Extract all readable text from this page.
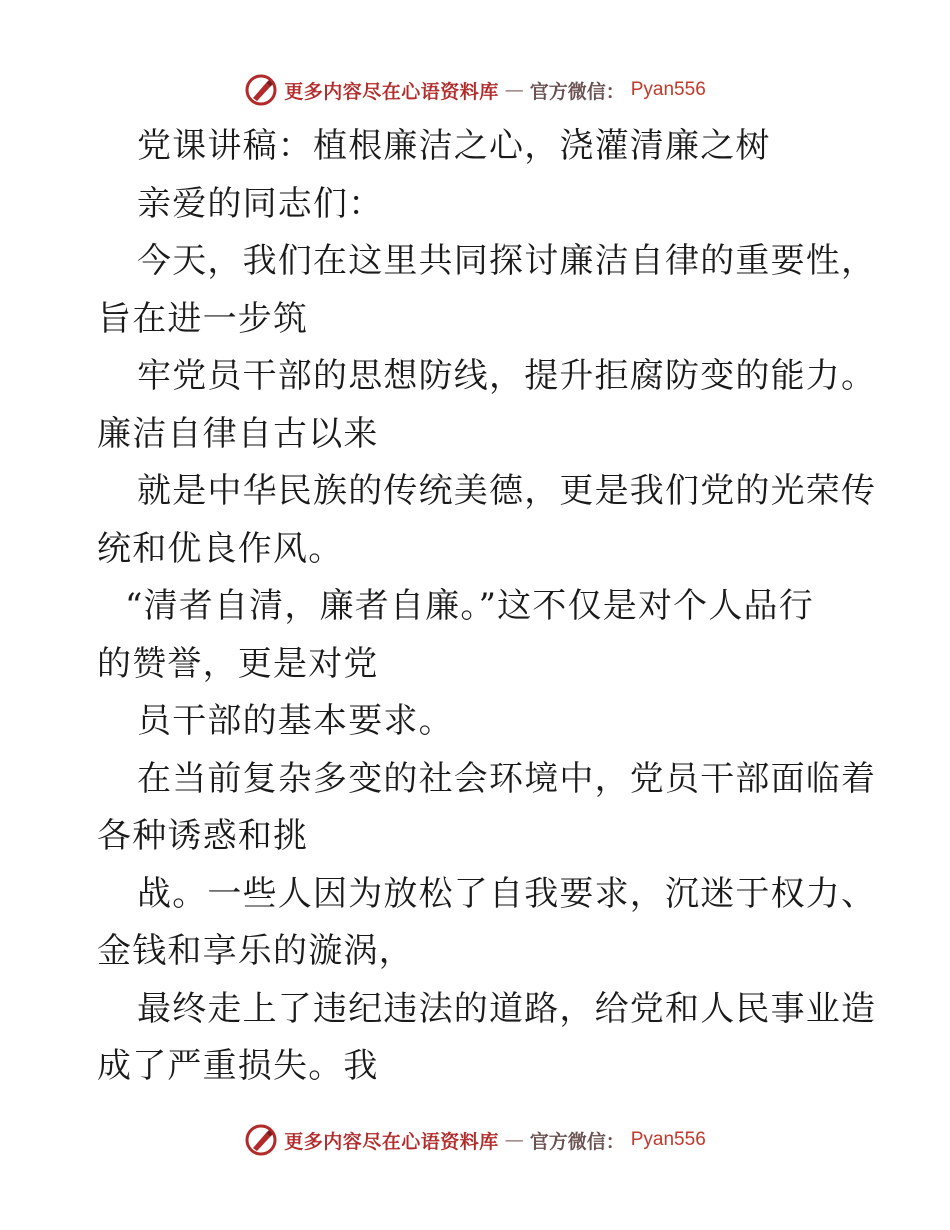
更多内容尽在心语资料库 — 官方微信： Pyan556
党课讲稿：植根廉洁之心，浇灌清廉之树
亲爱的同志们：
今天，我们在这里共同探讨廉洁自律的重要性，
旨在进一步筑
牢党员干部的思想防线，提升拒腐防变的能力。
廉洁自律自古以来
就是中华民族的传统美德，更是我们党的光荣传
统和优良作风。
“清者自清，廉者自廉。”这不仅是对个人品行
的赞誉，更是对党
员干部的基本要求。
在当前复杂多变的社会环境中，党员干部面临着
各种诱惑和挑
战。一些人因为放松了自我要求，沉迷于权力、
金钱和享乐的漩涡，
最终走上了违纪违法的道路，给党和人民事业造
成了严重损失。我
更多内容尽在心语资料库 — 官方微信： Pyan556
